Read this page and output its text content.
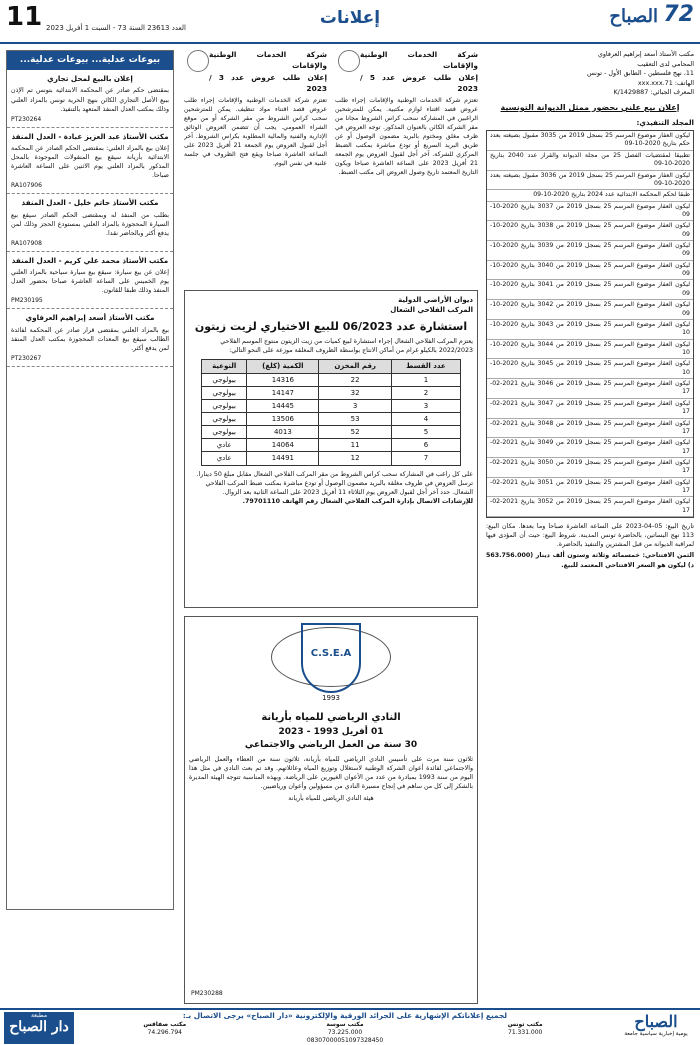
11 العدد 23613 السنة 73 - السبت 1 أفريل 2023	إعلانات	72
الصباح
مكتب الأستاذ أسعد إبراهيم العرفاوي
المحامي لدى التعقيب
11، نهج فلسطين - الطابق الأول - تونس
الهاتف: 71.xxx.xxx
المعرف الجبائي: K/1429887
إعلان بيع علني بحضور ممثل الديوانة التونسية
المجلد التنفيذي:
ليكون العقار موضوع المرسم 25 بسجل 2019 من 3035 مقبول بصيغته بعدد حكم بتاريخ 2020-10-09
تطبيقا لمقتضيات الفصل 25 من مجلة الديوانة والقرار عدد 2040 بتاريخ 2020-10-09
ليكون العقار موضوع المرسم 25 بسجل 2019 من 3036 مقبول بصيغته بعدد 2020-10-09
طبقا لحكم المحكمة الابتدائية عدد 2024 بتاريخ 2020-10-09
ليكون العقار موضوع المرسم 25 بسجل 2019 من 3037 بتاريخ 2020-10-09
ليكون العقار موضوع المرسم 25 بسجل 2019 من 3038 بتاريخ 2020-10-09
ليكون العقار موضوع المرسم 25 بسجل 2019 من 3039 بتاريخ 2020-10-09
ليكون العقار موضوع المرسم 25 بسجل 2019 من 3040 بتاريخ 2020-10-09
ليكون العقار موضوع المرسم 25 بسجل 2019 من 3041 بتاريخ 2020-10-09
ليكون العقار موضوع المرسم 25 بسجل 2019 من 3042 بتاريخ 2020-10-09
ليكون العقار موضوع المرسم 25 بسجل 2019 من 3043 بتاريخ 2020-10-10
ليكون العقار موضوع المرسم 25 بسجل 2019 من 3044 بتاريخ 2020-10-10
ليكون العقار موضوع المرسم 25 بسجل 2019 من 3045 بتاريخ 2020-10-10
ليكون العقار موضوع المرسم 25 بسجل 2019 من 3046 بتاريخ 2021-02-17
ليكون العقار موضوع المرسم 25 بسجل 2019 من 3047 بتاريخ 2021-02-17
ليكون العقار موضوع المرسم 25 بسجل 2019 من 3048 بتاريخ 2021-02-17
ليكون العقار موضوع المرسم 25 بسجل 2019 من 3049 بتاريخ 2021-02-17
ليكون العقار موضوع المرسم 25 بسجل 2019 من 3050 بتاريخ 2021-02-17
ليكون العقار موضوع المرسم 25 بسجل 2019 من 3051 بتاريخ 2021-02-17
ليكون العقار موضوع المرسم 25 بسجل 2019 من 3052 بتاريخ 2021-02-17

تاريخ البيع: 05-04-2023 على الساعة العاشرة صباحا وما بعدها. مكان البيع: 113 نهج البساتين، بالحاضرة تونس المدينة. شروط البيع: حيث أن المؤدى فيها لمراقبة الديوانة من قبل المشترين والتنفيذ بالحاضرة.

الثمن الافتتاحي: خمسمائة وثلاثة وستون ألف دينار (563.756.000 د) ليكون هو السعر الافتتاحي المعتمد للبيع.

شركة الخدمات الوطنية والإقامات
إعلان طلب عروض عدد 5 / 2023

تعتزم شركة الخدمات الوطنية والإقامات إجراء طلب عروض قصد اقتناء لوازم مكتبية. يمكن للمترشحين الراغبين في المشاركة سحب كراس الشروط مجانا من مقر الشركة الكائن بالعنوان المذكور. توجه العروض في ظرف مغلق ومختوم بالبريد مضمون الوصول أو عن طريق البريد السريع أو تودع مباشرة بمكتب الضبط المركزي للشركة. آخر أجل لقبول العروض يوم الجمعة 21 أفريل 2023 على الساعة العاشرة صباحا ويكون التاريخ المعتمد تاريخ وصول العروض إلى مكتب الضبط.

شركة الخدمات الوطنية والإقامات
إعلان طلب عروض عدد 3 / 2023

تعتزم شركة الخدمات الوطنية والإقامات إجراء طلب عروض قصد اقتناء مواد تنظيف. يمكن للمترشحين سحب كراس الشروط من مقر الشركة أو من موقع الشراء العمومي. يجب أن تتضمن العروض الوثائق الإدارية والفنية والمالية المطلوبة بكراس الشروط. آخر أجل لقبول العروض يوم الجمعة 21 أفريل 2023 على الساعة العاشرة صباحا ويقع فتح الظروف في جلسة علنية في نفس اليوم.

ديوان الأراضي الدولية
المركب الفلاحي الشعال
استشارة عدد 06/2023 للبيع الاختياري لزيت زيتون

يعتزم المركب الفلاحي الشعال إجراء استشارة لبيع كميات من زيت الزيتون منتوج الموسم الفلاحي 2022/2023 بالكيلو غرام من أماكن الانتاج بواسطة الظروف المغلقة موزعة على النحو التالي:

عدد القسط	رقم المخزن	الكمية (كلغ)	النوعية
1	22	14316	بيولوجي
2	32	14147	بيولوجي
3	3	14445	بيولوجي
4	53	13506	بيولوجي
5	52	4013	بيولوجي
6	11	14064	عادي
7	12	14491	عادي

على كل راغب في المشاركة سحب كراس الشروط من مقر المركب الفلاحي الشعال مقابل مبلغ 50 دينارا. ترسل العروض في ظروف مغلقة بالبريد مضمون الوصول أو تودع مباشرة بمكتب ضبط المركب الفلاحي الشعال. حدد آخر أجل لقبول العروض يوم الثلاثاء 11 أفريل 2023 على الساعة الثانية بعد الزوال.

للإرشادات الاتصال بإدارة المركب الفلاحي الشعال رقم الهاتف 79701110.

C.S.E.A
1993
النادي الرياضي للمياه بأريانة
01 أفريل 1993 - 2023
30 سنة من العمل الرياضي والاجتماعي

ثلاثون سنة مرت على تأسيس النادي الرياضي للمياه بأريانة، ثلاثون سنة من العطاء والعمل الرياضي والاجتماعي لفائدة أعوان الشركة الوطنية لاستغلال وتوزيع المياه وعائلاتهم. وقد تم بعث النادي في مثل هذا اليوم من سنة 1993 بمبادرة من عدد من الأعوان الغيورين على الرياضة. وبهذه المناسبة تتوجه الهيئة المديرة بالشكر إلى كل من ساهم في إنجاح مسيرة النادي من مسؤولين وأعوان ورياضيين.

هيئة النادي الرياضي للمياه بأريانة
PM230288
بيوعات عدلية... بيوعات عدلية...
إعلان بالبيع لمحل تجاري

بمقتضى حكم صادر عن المحكمة الابتدائية بتونس تم الإذن ببيع الأصل التجاري الكائن بنهج الحرية تونس بالمزاد العلني وذلك بمكتب العدل المنفذ المتعهد بالتنفيذ.

PT230264
مكتب الأستاذ عبد العزيز عبادة - العدل المنفذ

إعلان بيع بالمزاد العلني: بمقتضى الحكم الصادر عن المحكمة الابتدائية بأريانة سيقع بيع المنقولات الموجودة بالمحل المذكور بالمزاد العلني يوم الاثنين على الساعة العاشرة صباحا.

RA107906
مكتب الأستاذ حاتم خليل - العدل المنفذ

بطلب من المنفذ له وبمقتضى الحكم الصادر سيقع بيع السيارة المحجوزة بالمزاد العلني بمستودع الحجز وذلك لمن يدفع أكثر وبالحاضر نقدا.

RA107908
مكتب الأستاذ محمد علي كريم - العدل المنفذ

إعلان عن بيع سيارة: سيقع بيع سيارة سياحية بالمزاد العلني يوم الخميس على الساعة العاشرة صباحا بحضور العدل المنفذ وذلك طبقا للقانون.

PM230195
مكتب الأستاذ أسعد إبراهيم العرفاوي

بيع بالمزاد العلني بمقتضى قرار صادر عن المحكمة لفائدة الطالب سيقع بيع المعدات المحجوزة بمكتب العدل المنفذ لمن يدفع أكثر.

PT230267
الصباح
يومية إخبارية سياسية جامعة
لجميع إعلاناتكم الإشهارية على الجرائد الورقية والإلكترونية «دار الصباح» يرجى الاتصال بـ:
مكتب تونس
71.331.000
مكتب سوسة
73.225.000
مكتب صفاقس
74.296.794
08307000051097328450
مطبعة
دار الصباح
